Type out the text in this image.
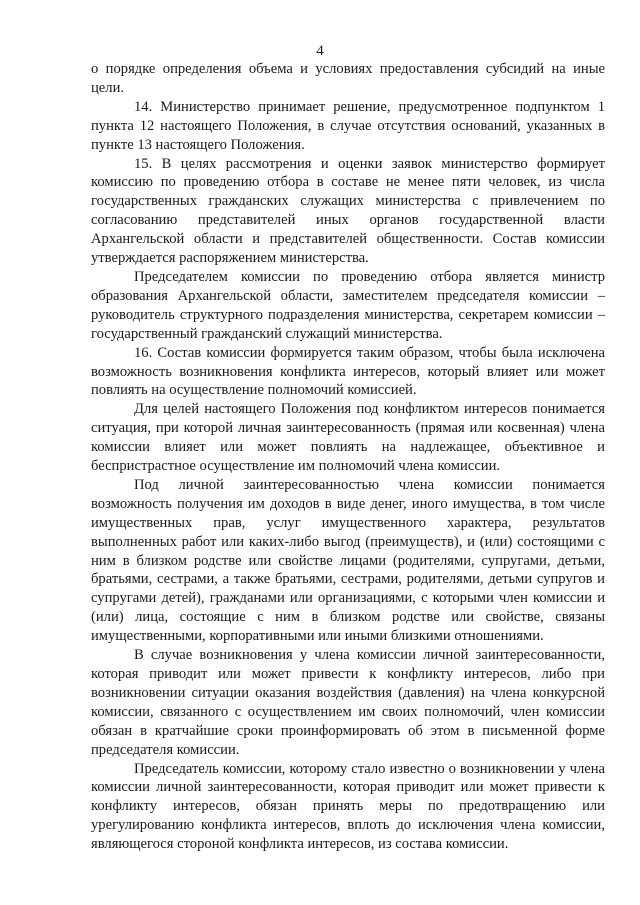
4

о порядке определения объема и условиях предоставления субсидий на иные цели.

14. Министерство принимает решение, предусмотренное подпунктом 1 пункта 12 настоящего Положения, в случае отсутствия оснований, указанных в пункте 13 настоящего Положения.

15. В целях рассмотрения и оценки заявок министерство формирует комиссию по проведению отбора в составе не менее пяти человек, из числа государственных гражданских служащих министерства с привлечением по согласованию представителей иных органов государственной власти Архангельской области и представителей общественности. Состав комиссии утверждается распоряжением министерства.

Председателем комиссии по проведению отбора является министр образования Архангельской области, заместителем председателя комиссии – руководитель структурного подразделения министерства, секретарем комиссии – государственный гражданский служащий министерства.

16. Состав комиссии формируется таким образом, чтобы была исключена возможность возникновения конфликта интересов, который влияет или может повлиять на осуществление полномочий комиссией.

Для целей настоящего Положения под конфликтом интересов понимается ситуация, при которой личная заинтересованность (прямая или косвенная) члена комиссии влияет или может повлиять на надлежащее, объективное и беспристрастное осуществление им полномочий члена комиссии.

Под личной заинтересованностью члена комиссии понимается возможность получения им доходов в виде денег, иного имущества, в том числе имущественных прав, услуг имущественного характера, результатов выполненных работ или каких-либо выгод (преимуществ), и (или) состоящими с ним в близком родстве или свойстве лицами (родителями, супругами, детьми, братьями, сестрами, а также братьями, сестрами, родителями, детьми супругов и супругами детей), гражданами или организациями, с которыми член комиссии и (или) лица, состоящие с ним в близком родстве или свойстве, связаны имущественными, корпоративными или иными близкими отношениями.

В случае возникновения у члена комиссии личной заинтересованности, которая приводит или может привести к конфликту интересов, либо при возникновении ситуации оказания воздействия (давления) на члена конкурсной комиссии, связанного с осуществлением им своих полномочий, член комиссии обязан в кратчайшие сроки проинформировать об этом в письменной форме председателя комиссии.

Председатель комиссии, которому стало известно о возникновении у члена комиссии личной заинтересованности, которая приводит или может привести к конфликту интересов, обязан принять меры по предотвращению или урегулированию конфликта интересов, вплоть до исключения члена комиссии, являющегося стороной конфликта интересов, из состава комиссии.
